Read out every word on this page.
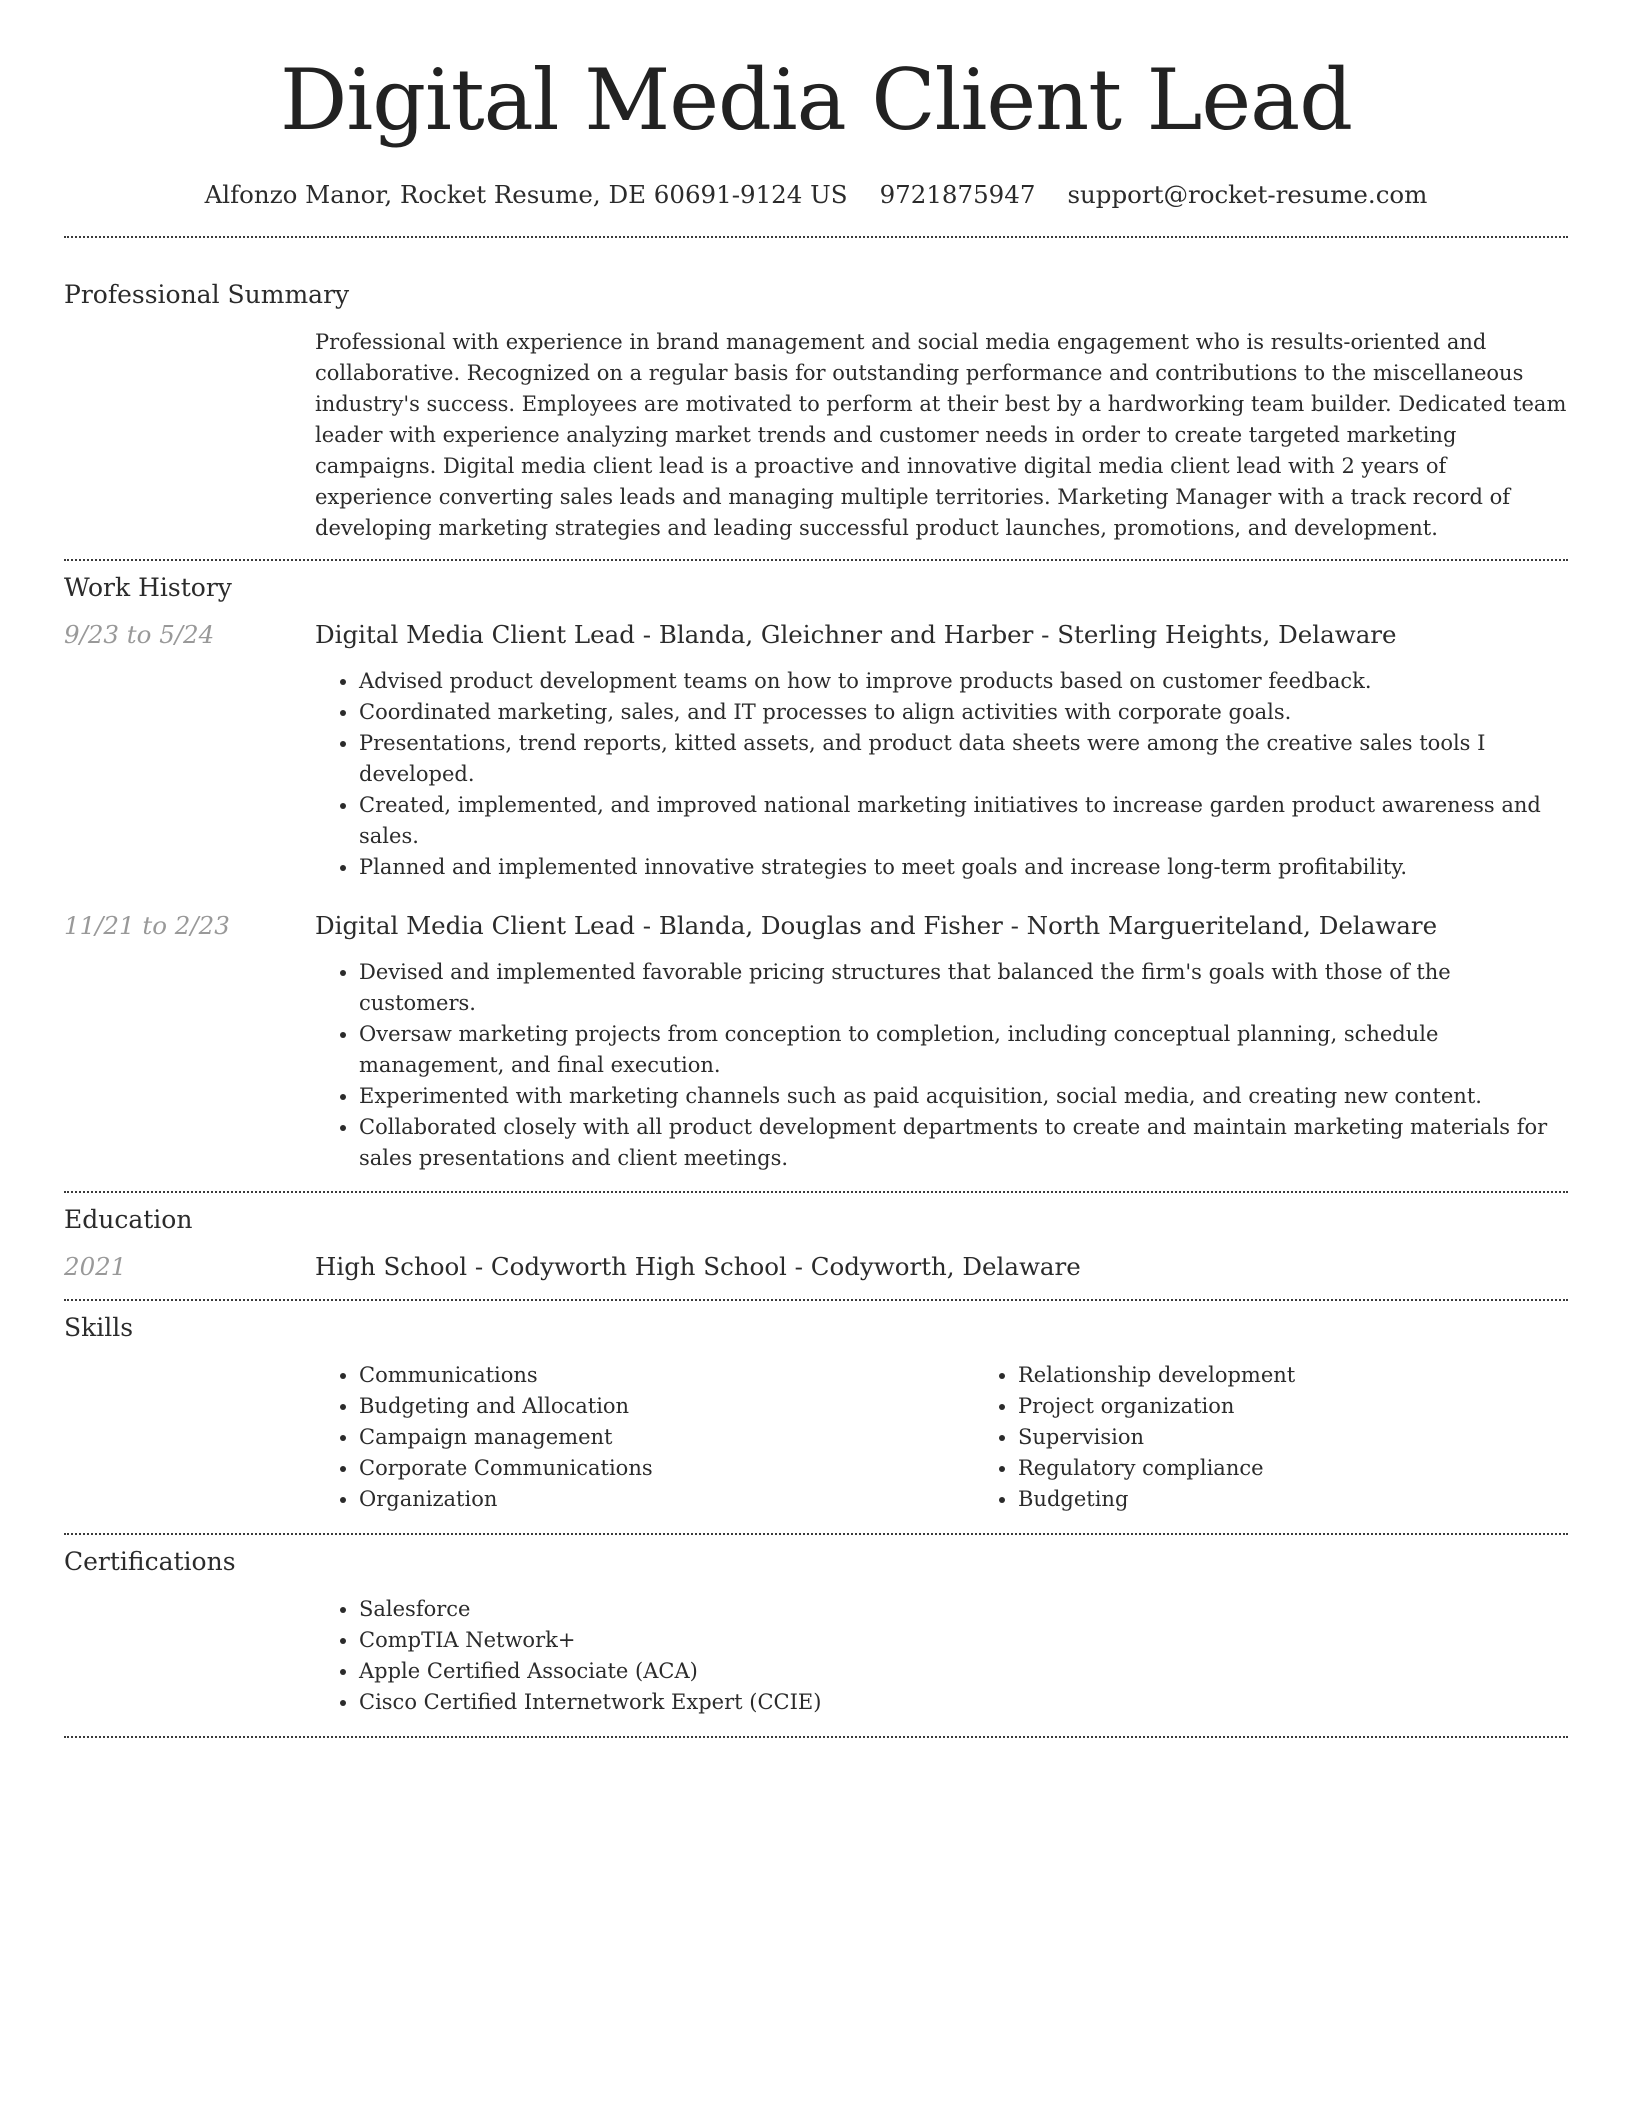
Digital Media Client Lead
Alfonzo Manor, Rocket Resume, DE 60691-9124 US 9721875947 support@rocket-resume.com
Professional Summary

Professional with experience in brand management and social media engagement who is results-oriented and collaborative. Recognized on a regular basis for outstanding performance and contributions to the miscellaneous industry's success. Employees are motivated to perform at their best by a hardworking team builder. Dedicated team leader with experience analyzing market trends and customer needs in order to create targeted marketing campaigns. Digital media client lead is a proactive and innovative digital media client lead with 2 years of experience converting sales leads and managing multiple territories. Marketing Manager with a track record of developing marketing strategies and leading successful product launches, promotions, and development.

Work History
9/23 to 5/24	Digital Media Client Lead - Blanda, Gleichner and Harber - Sterling Heights, Delaware
• Advised product development teams on how to improve products based on customer feedback.
• Coordinated marketing, sales, and IT processes to align activities with corporate goals.
• Presentations, trend reports, kitted assets, and product data sheets were among the creative sales tools I developed.
• Created, implemented, and improved national marketing initiatives to increase garden product awareness and sales.
• Planned and implemented innovative strategies to meet goals and increase long-term profitability.
11/21 to 2/23	Digital Media Client Lead - Blanda, Douglas and Fisher - North Margueriteland, Delaware
• Devised and implemented favorable pricing structures that balanced the firm's goals with those of the customers.
• Oversaw marketing projects from conception to completion, including conceptual planning, schedule management, and final execution.
• Experimented with marketing channels such as paid acquisition, social media, and creating new content.
• Collaborated closely with all product development departments to create and maintain marketing materials for sales presentations and client meetings.
Education
2021	High School - Codyworth High School - Codyworth, Delaware
Skills
• Communications
• Budgeting and Allocation
• Campaign management
• Corporate Communications
• Organization
• Relationship development
• Project organization
• Supervision
• Regulatory compliance
• Budgeting
Certifications
• Salesforce
• CompTIA Network+
• Apple Certified Associate (ACA)
• Cisco Certified Internetwork Expert (CCIE)
